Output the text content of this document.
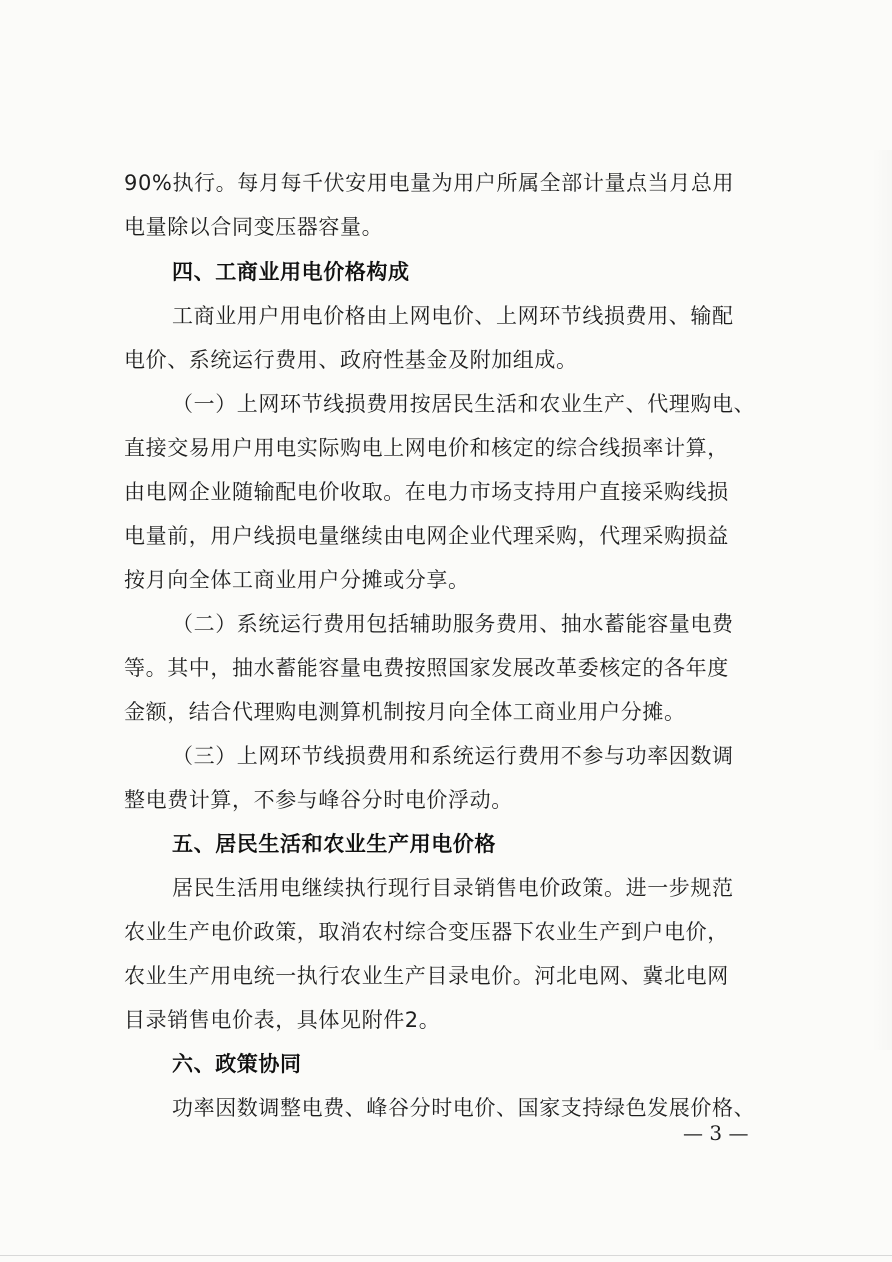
90%执行。每月每千伏安用电量为用户所属全部计量点当月总用
电量除以合同变压器容量。
四、工商业用电价格构成
工商业用户用电价格由上网电价、上网环节线损费用、输配
电价、系统运行费用、政府性基金及附加组成。
（一）上网环节线损费用按居民生活和农业生产、代理购电、
直接交易用户用电实际购电上网电价和核定的综合线损率计算，
由电网企业随输配电价收取。在电力市场支持用户直接采购线损
电量前，用户线损电量继续由电网企业代理采购，代理采购损益
按月向全体工商业用户分摊或分享。
（二）系统运行费用包括辅助服务费用、抽水蓄能容量电费
等。其中，抽水蓄能容量电费按照国家发展改革委核定的各年度
金额，结合代理购电测算机制按月向全体工商业用户分摊。
（三）上网环节线损费用和系统运行费用不参与功率因数调
整电费计算，不参与峰谷分时电价浮动。
五、居民生活和农业生产用电价格
居民生活用电继续执行现行目录销售电价政策。进一步规范
农业生产电价政策，取消农村综合变压器下农业生产到户电价，
农业生产用电统一执行农业生产目录电价。河北电网、冀北电网
目录销售电价表，具体见附件2。
六、政策协同
功率因数调整电费、峰谷分时电价、国家支持绿色发展价格、
— 3 —
